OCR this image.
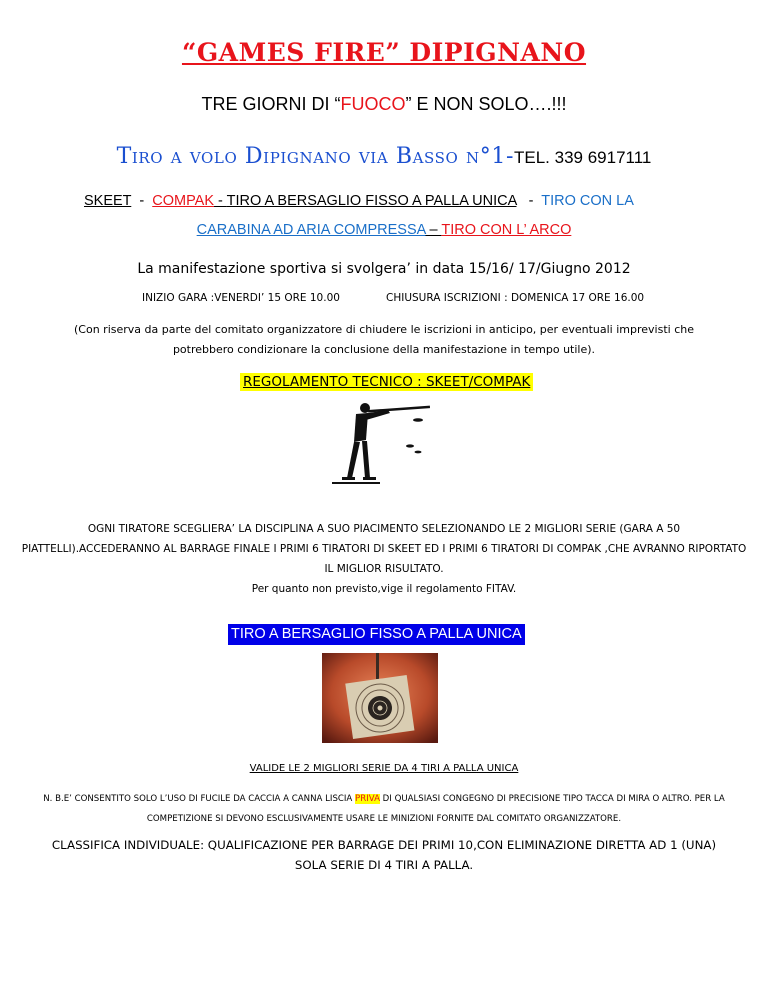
“GAMES FIRE” DIPIGNANO
TRE GIORNI DI “FUOCO” E NON SOLO….!!!
Tiro a volo Dipignano via Basso n°1-TEL. 339 6917111
SKEET  -  COMPAK - TIRO A BERSAGLIO FISSO A PALLA UNICA   -  TIRO CON LA
CARABINA AD ARIA COMPRESSA – TIRO CON L’ ARCO
La manifestazione sportiva si svolgera’ in data 15/16/ 17/Giugno 2012
INIZIO GARA :VENERDI’ 15 ORE 10.00	CHIUSURA ISCRIZIONI : DOMENICA 17 ORE 16.00
(Con riserva da parte del comitato organizzatore di chiudere le iscrizioni in anticipo, per eventuali imprevisti che potrebbero condizionare la conclusione della manifestazione in tempo utile).
REGOLAMENTO TECNICO : SKEET/COMPAK
OGNI TIRATORE SCEGLIERA’ LA DISCIPLINA A SUO PIACIMENTO SELEZIONANDO LE 2 MIGLIORI SERIE (GARA A 50 PIATTELLI).ACCEDERANNO AL BARRAGE FINALE I PRIMI 6 TIRATORI DI SKEET ED I PRIMI 6 TIRATORI DI COMPAK ,CHE AVRANNO RIPORTATO IL MIGLIOR RISULTATO.
Per quanto non previsto,vige il regolamento FITAV.
TIRO A BERSAGLIO FISSO A PALLA UNICA
VALIDE LE 2 MIGLIORI SERIE DA 4 TIRI A PALLA UNICA
N. B.E’ CONSENTITO SOLO L’USO DI FUCILE DA CACCIA A CANNA LISCIA PRIVA DI QUALSIASI CONGEGNO DI PRECISIONE TIPO TACCA DI MIRA O ALTRO. PER LA COMPETIZIONE SI DEVONO ESCLUSIVAMENTE USARE LE MINIZIONI FORNITE DAL COMITATO ORGANIZZATORE.
CLASSIFICA INDIVIDUALE: QUALIFICAZIONE PER BARRAGE DEI PRIMI 10,CON ELIMINAZIONE DIRETTA AD 1 (UNA) SOLA SERIE DI 4 TIRI A PALLA.
